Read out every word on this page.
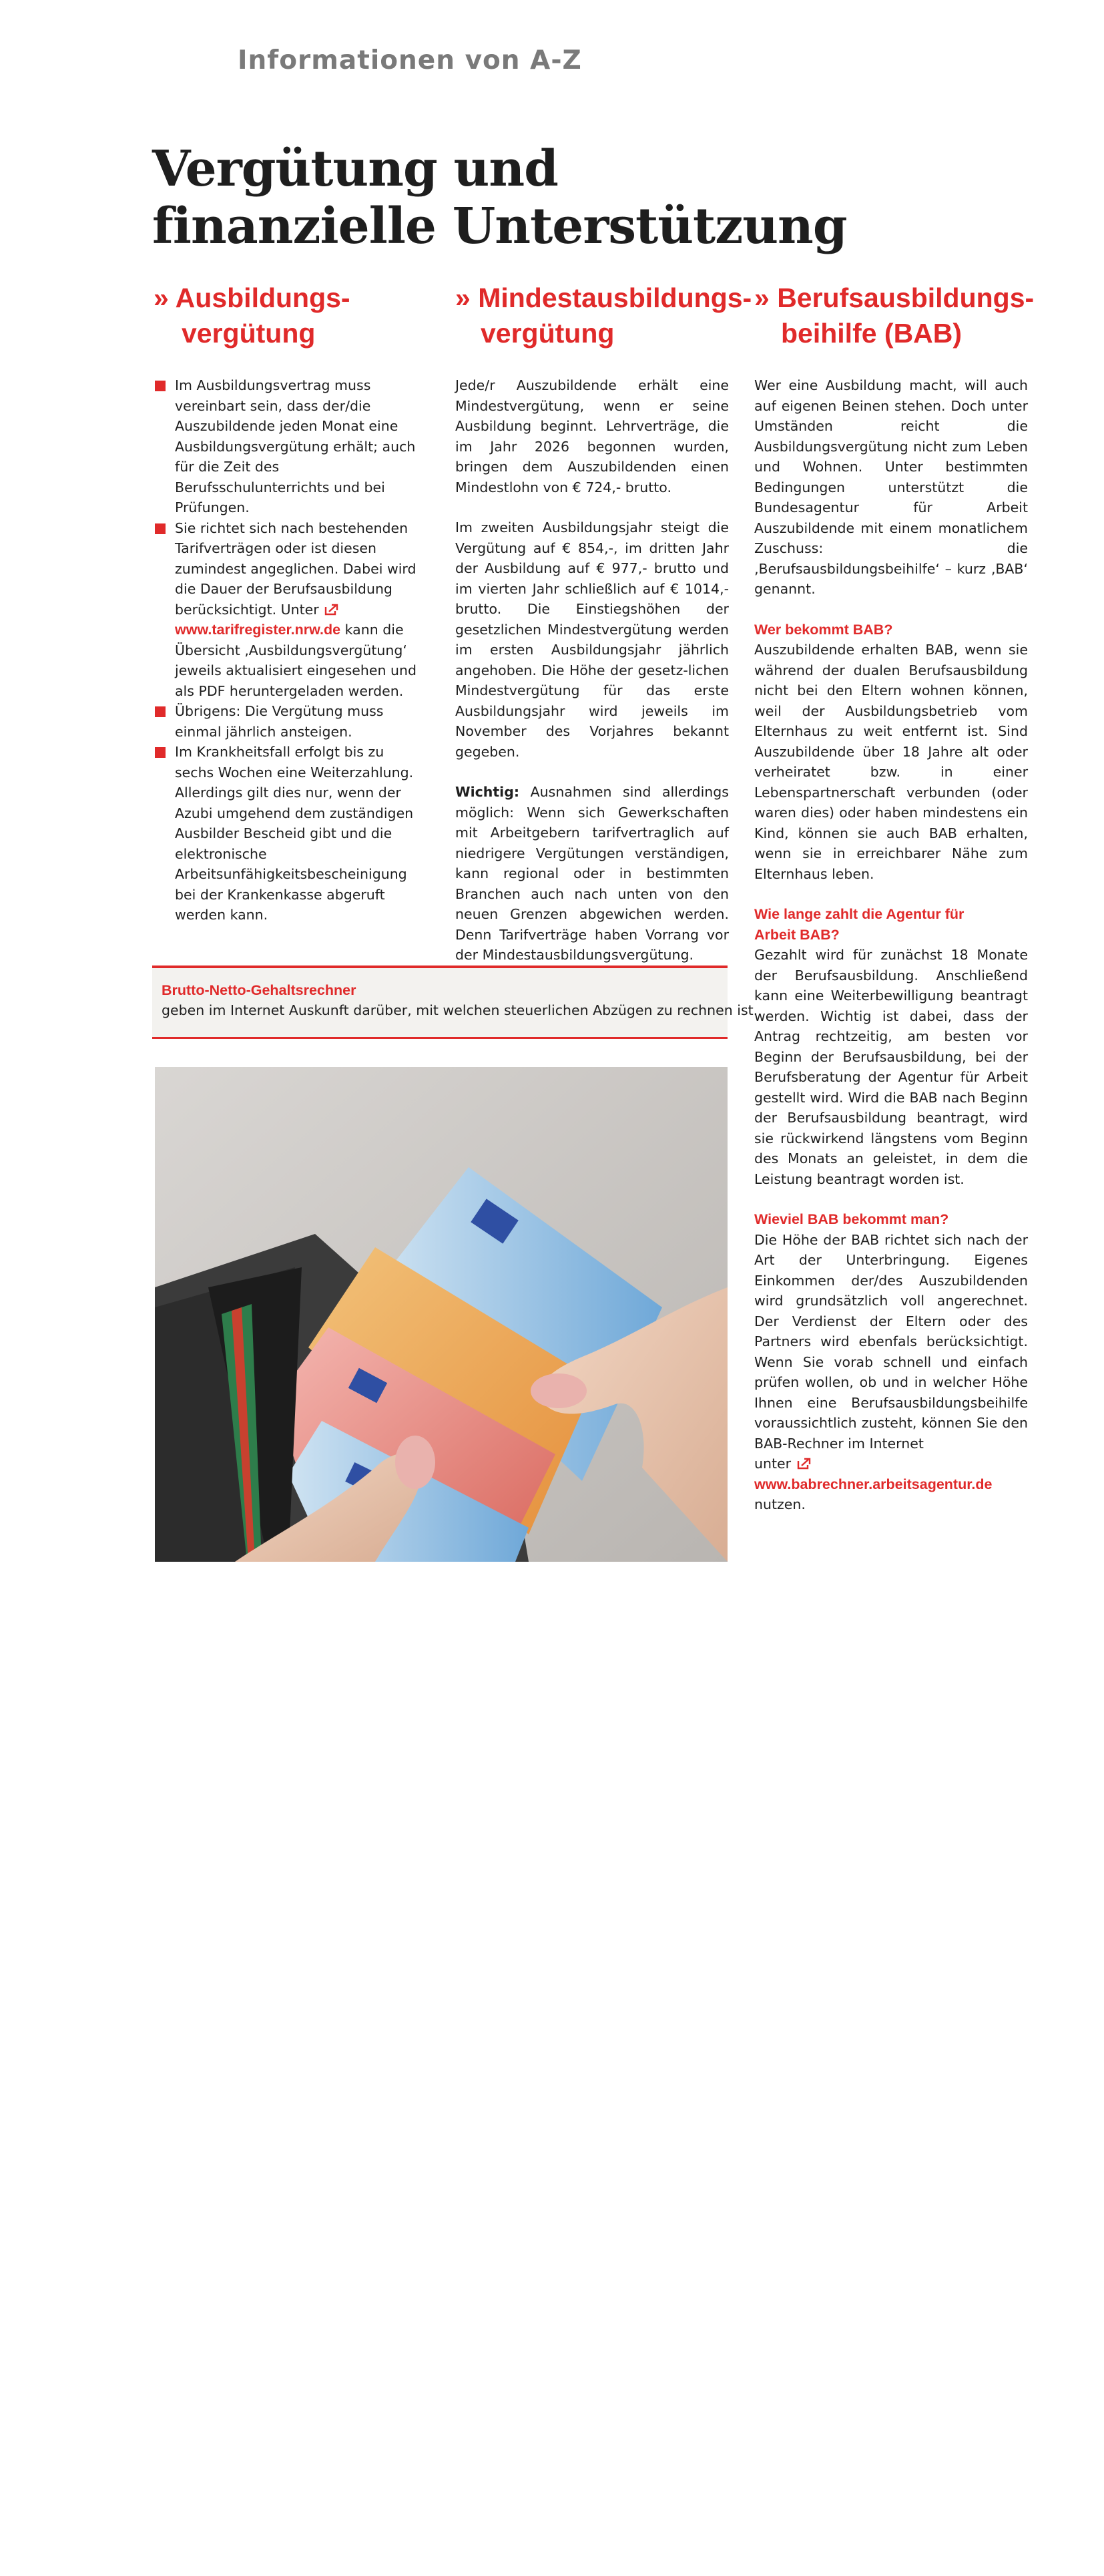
Informationen von A-Z
Vergütung und
finanzielle Unterstützung
» Ausbildungs-
vergütung
Im Ausbildungsvertrag muss vereinbart sein, dass der/die Auszubildende jeden Monat eine Ausbildungsvergütung erhält; auch für die Zeit des Berufsschulunterrichts und bei Prüfungen.
Sie richtet sich nach bestehenden Tarifverträgen oder ist diesen zumindest angeglichen. Dabei wird die Dauer der Berufsausbildung berücksichtigt. Unter www.tarifregister.nrw.de kann die Übersicht ‚Ausbildungsvergütung‘ jeweils aktualisiert eingesehen und als PDF heruntergeladen werden.
Übrigens: Die Vergütung muss einmal jährlich ansteigen.
Im Krankheitsfall erfolgt bis zu sechs Wochen eine Weiterzahlung. Allerdings gilt dies nur, wenn der Azubi umgehend dem zuständigen Ausbilder Bescheid gibt und die elektronische Arbeitsunfähigkeitsbescheinigung bei der Krankenkasse abgeruft werden kann.
» Mindestausbildungs-
vergütung

Jede/r Auszubildende erhält eine Mindestvergütung, wenn er seine Ausbildung beginnt. Lehrverträge, die im Jahr 2026 begonnen wurden, bringen dem Auszubildenden einen Mindestlohn von € 724,- brutto.

Im zweiten Ausbildungsjahr steigt die Vergütung auf € 854,-, im dritten Jahr der Ausbildung auf € 977,- brutto und im vierten Jahr schließlich auf € 1014,- brutto. Die Einstiegshöhen der gesetzlichen Mindestvergütung werden im ersten Ausbildungsjahr jährlich angehoben. Die Höhe der gesetz-lichen Mindestvergütung für das erste Ausbildungsjahr wird jeweils im November des Vorjahres bekannt gegeben.

Wichtig: Ausnahmen sind allerdings möglich: Wenn sich Gewerkschaften mit Arbeitgebern tarifvertraglich auf niedrigere Vergütungen verständigen, kann regional oder in bestimmten Branchen auch nach unten von den neuen Grenzen abgewichen werden. Denn Tarifverträge haben Vorrang vor der Mindestausbildungsvergütung.

» Berufsausbildungs-
beihilfe (BAB)

Wer eine Ausbildung macht, will auch auf eigenen Beinen stehen. Doch unter Umständen reicht die Ausbildungsvergütung nicht zum Leben und Wohnen. Unter bestimmten Bedingungen unterstützt die Bundesagentur für Arbeit Auszubildende mit einem monatlichem Zuschuss: die ‚Berufsausbildungsbeihilfe‘ – kurz ‚BAB‘ genannt.

Wer bekommt BAB?

Auszubildende erhalten BAB, wenn sie während der dualen Berufsausbildung nicht bei den Eltern wohnen können, weil der Ausbildungsbetrieb vom Elternhaus zu weit entfernt ist. Sind Auszubildende über 18 Jahre alt oder verheiratet bzw. in einer Lebenspartnerschaft verbunden (oder waren dies) oder haben mindestens ein Kind, können sie auch BAB erhalten, wenn sie in erreichbarer Nähe zum Elternhaus leben.

Wie lange zahlt die Agentur für
Arbeit BAB?

Gezahlt wird für zunächst 18 Monate der Berufsausbildung. Anschließend kann eine Weiterbewilligung beantragt werden. Wichtig ist dabei, dass der Antrag rechtzeitig, am besten vor Beginn der Berufsausbildung, bei der Berufsberatung der Agentur für Arbeit gestellt wird. Wird die BAB nach Beginn der Berufsausbildung beantragt, wird sie rückwirkend längstens vom Beginn des Monats an geleistet, in dem die Leistung beantragt worden ist.

Wieviel BAB bekommt man?

Die Höhe der BAB richtet sich nach der Art der Unterbringung. Eigenes Einkommen der/des Auszubildenden wird grundsätzlich voll angerechnet. Der Verdienst der Eltern oder des Partners wird ebenfals berücksichtigt. Wenn Sie vorab schnell und einfach prüfen wollen, ob und in welcher Höhe Ihnen eine Berufsausbildungsbeihilfe voraussichtlich zusteht, können Sie den BAB-Rechner im Internet

unter www.babrechner.arbeitsagentur.de

nutzen.

Brutto-Netto-Gehaltsrechner
geben im Internet Auskunft darüber, mit welchen steuerlichen Abzügen zu rechnen ist.
© Vitalii / Adobe Stock
